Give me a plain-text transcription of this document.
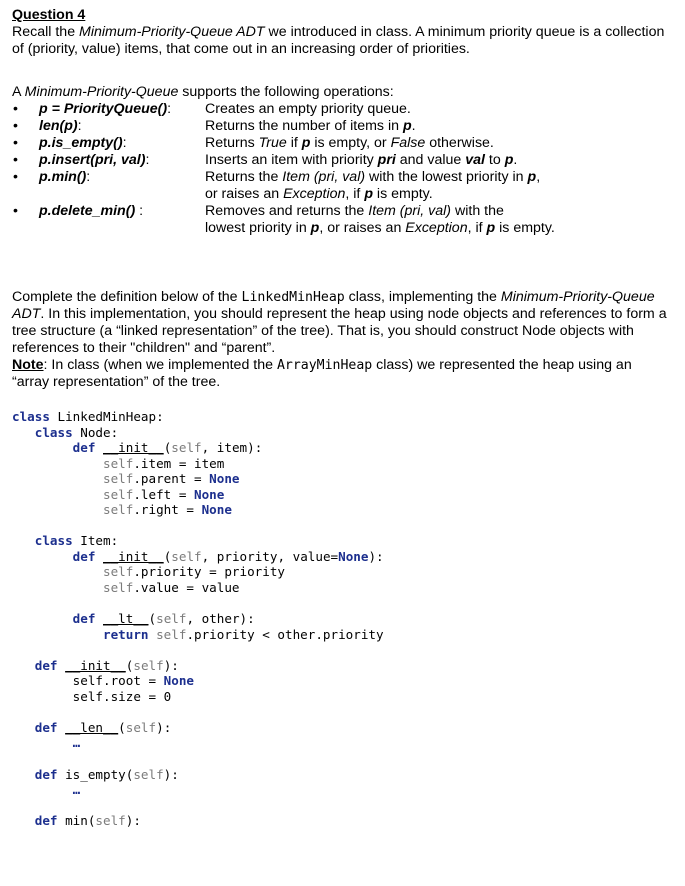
Question 4

Recall the Minimum-Priority-Queue ADT we introduced in class. A minimum priority queue is a collection of (priority, value) items, that come out in an increasing order of priorities.

A Minimum-Priority-Queue supports the following operations:

• p = PriorityQueue(): Creates an empty priority queue.
• len(p):	Returns the number of items in p.
• p.is_empty():	Returns True if p is empty, or False otherwise.
• p.insert(pri, val):	Inserts an item with priority pri and value val to p.
• p.min():	Returns the Item (pri, val) with the lowest priority in p,
or raises an Exception, if p is empty.
• p.delete_min() :	Removes and returns the Item (pri, val) with the
lowest priority in p, or raises an Exception, if p is empty.

Complete the definition below of the LinkedMinHeap class, implementing the Minimum-Priority-Queue ADT. In this implementation, you should represent the heap using node objects and references to form a tree structure (a “linked representation” of the tree). That is, you should construct Node objects with references to their "children" and “parent”.

Note: In class (when we implemented the ArrayMinHeap class) we represented the heap using an “array representation” of the tree.

class LinkedMinHeap:
class Node:
def __init__(self, item):
self.item = item
self.parent = None
self.left = None
self.right = None

class Item:
def __init__(self, priority, value=None):
self.priority = priority
self.value = value

def __lt__(self, other):
return self.priority < other.priority

def __init__(self):
self.root = None
self.size = 0

def __len__(self):
…

def is_empty(self):
…

def min(self):
